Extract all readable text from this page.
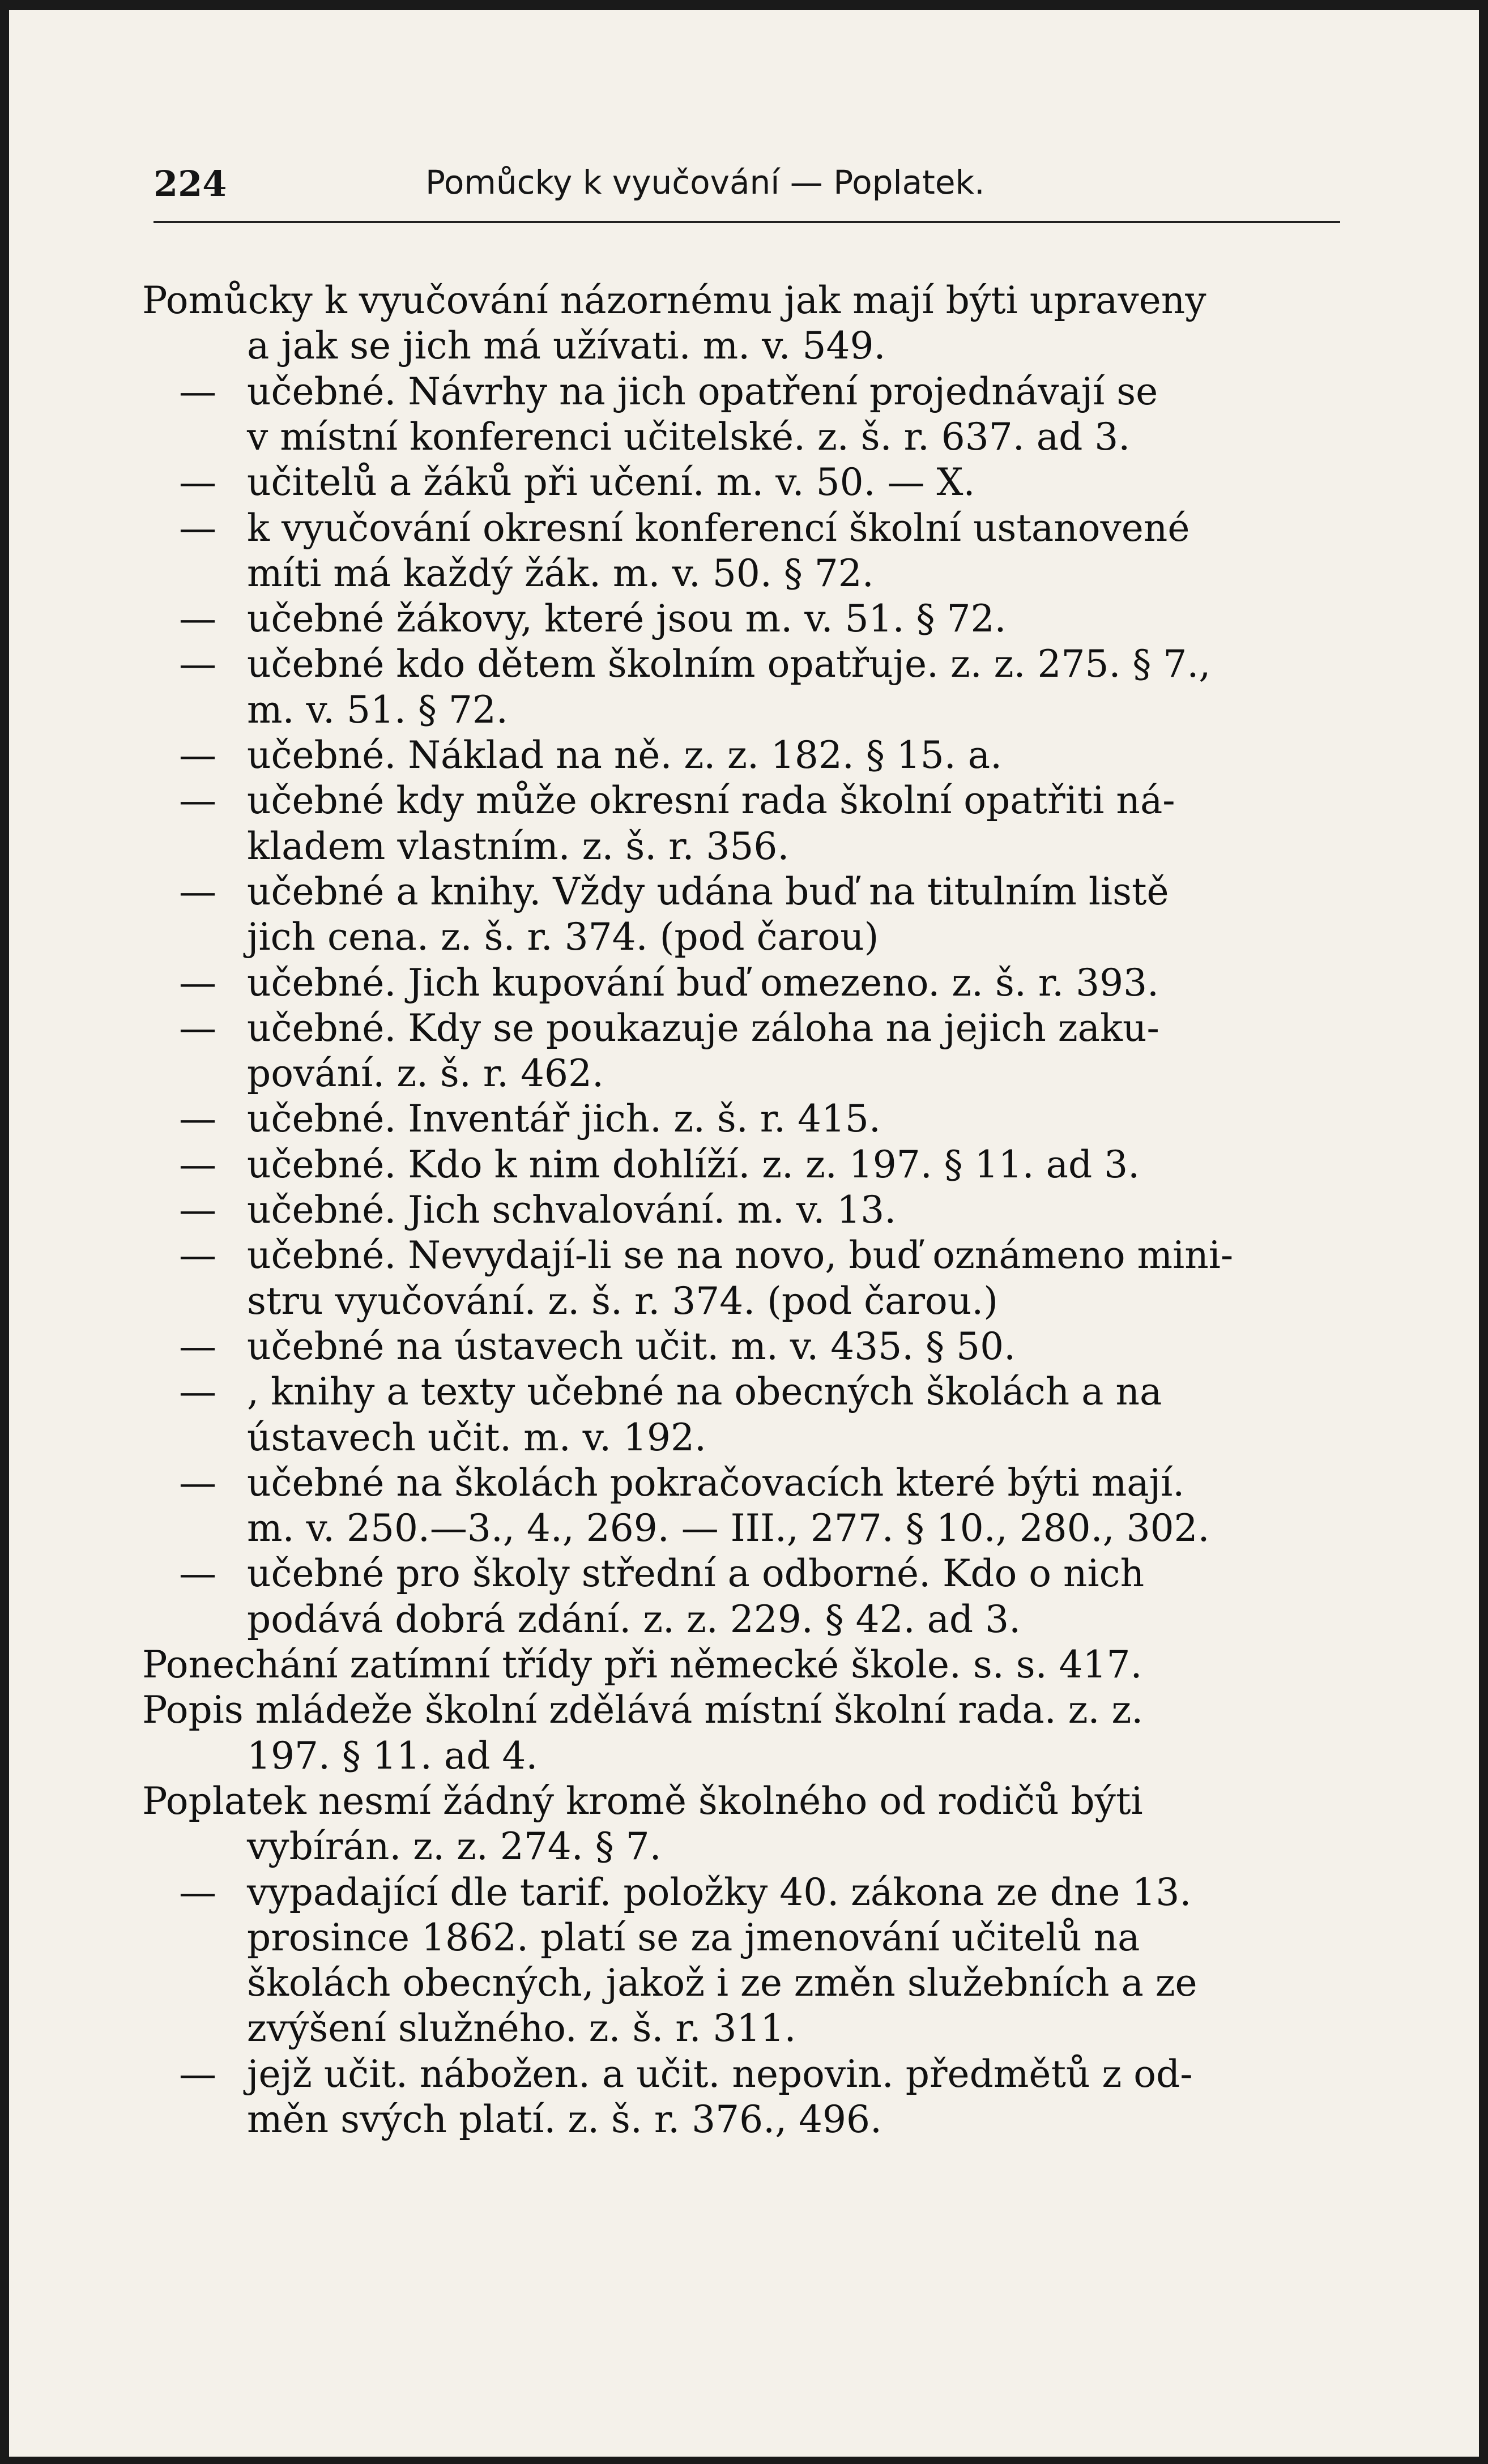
224	Pomůcky k vyučování — Poplatek.
Pomůcky k vyučování názornému jak mají býti upraveny
a jak se jich má užívati. m. v. 549.
— učebné. Návrhy na jich opatření projednávají se
v místní konferenci učitelské. z. š. r. 637. ad 3.
— učitelů a žáků při učení. m. v. 50. — X.
— k vyučování okresní konferencí školní ustanovené
míti má každý žák. m. v. 50. § 72.
— učebné žákovy, které jsou m. v. 51. § 72.
— učebné kdo dětem školním opatřuje. z. z. 275. § 7.,
m. v. 51. § 72.
— učebné. Náklad na ně. z. z. 182. § 15. a.
— učebné kdy může okresní rada školní opatřiti ná-
kladem vlastním. z. š. r. 356.
— učebné a knihy. Vždy udána buď na titulním listě
jich cena. z. š. r. 374. (pod čarou)
— učebné. Jich kupování buď omezeno. z. š. r. 393.
— učebné. Kdy se poukazuje záloha na jejich zaku-
pování. z. š. r. 462.
— učebné. Inventář jich. z. š. r. 415.
— učebné. Kdo k nim dohlíží. z. z. 197. § 11. ad 3.
— učebné. Jich schvalování. m. v. 13.
— učebné. Nevydají-li se na novo, buď oznámeno mini-
stru vyučování. z. š. r. 374. (pod čarou.)
— učebné na ústavech učit. m. v. 435. § 50.
— , knihy a texty učebné na obecných školách a na
ústavech učit. m. v. 192.
— učebné na školách pokračovacích které býti mají.
m. v. 250.—3., 4., 269. — III., 277. § 10., 280., 302.
— učebné pro školy střední a odborné. Kdo o nich
podává dobrá zdání. z. z. 229. § 42. ad 3.
Ponechání zatímní třídy při německé škole. s. s. 417.
Popis mládeže školní zdělává místní školní rada. z. z.
197. § 11. ad 4.
Poplatek nesmí žádný kromě školného od rodičů býti
vybírán. z. z. 274. § 7.
— vypadající dle tarif. položky 40. zákona ze dne 13.
prosince 1862. platí se za jmenování učitelů na
školách obecných, jakož i ze změn služebních a ze
zvýšení služného. z. š. r. 311.
— jejž učit. nábožen. a učit. nepovin. předmětů z od-
měn svých platí. z. š. r. 376., 496.
